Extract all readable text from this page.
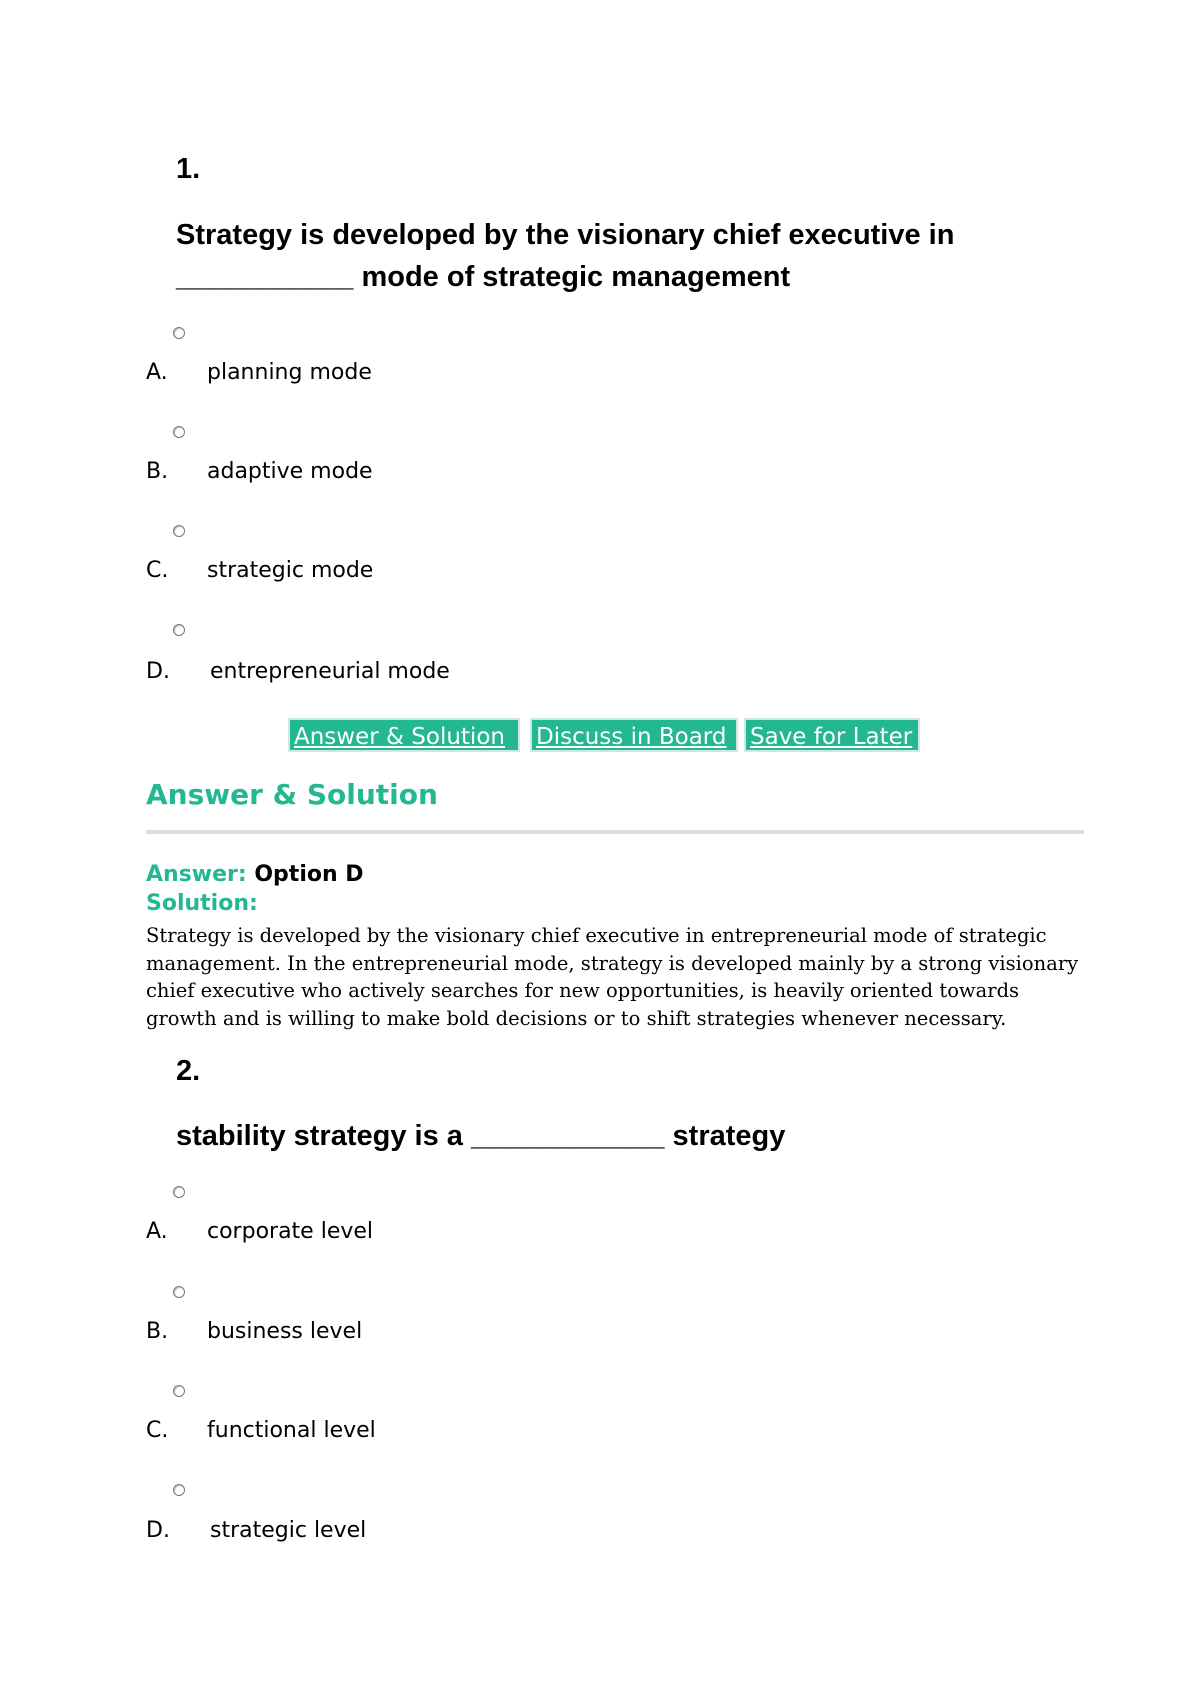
1.
Strategy is developed by the visionary chief executive in ___________ mode of strategic management
A. planning mode
B. adaptive mode
C. strategic mode
D. entrepreneurial mode
Answer & Solution	Discuss in Board	Save for Later
Answer & Solution
Answer: Option D
Solution:
Strategy is developed by the visionary chief executive in entrepreneurial mode of strategic management. In the entrepreneurial mode, strategy is developed mainly by a strong visionary chief executive who actively searches for new opportunities, is heavily oriented towards growth and is willing to make bold decisions or to shift strategies whenever necessary.
2.
stability strategy is a ____________ strategy
A. corporate level
B. business level
C. functional level
D. strategic level
